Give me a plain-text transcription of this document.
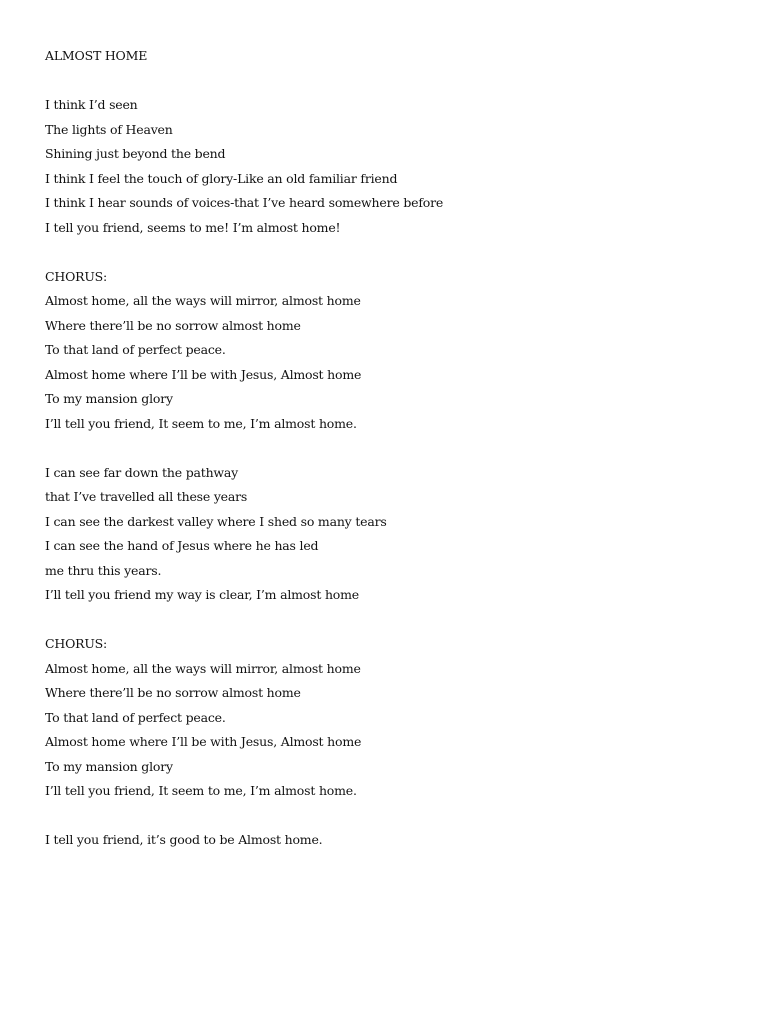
ALMOST HOME
I think I’d seen
The lights of Heaven
Shining just beyond the bend
I think I feel the touch of glory-Like an old familiar friend
I think I hear sounds of voices-that I’ve heard somewhere before
I tell you friend, seems to me! I’m almost home!
CHORUS:
Almost home, all the ways will mirror, almost home
Where there’ll be no sorrow almost home
To that land of perfect peace.
Almost home where I’ll be with Jesus, Almost home
To my mansion glory
I’ll tell you friend, It seem to me, I’m almost home.
I can see far down the pathway
that I’ve travelled all these years
I can see the darkest valley where I shed so many tears
I can see the hand of Jesus where he has led
me thru this years.
I’ll tell you friend my way is clear, I’m almost home
CHORUS:
Almost home, all the ways will mirror, almost home
Where there’ll be no sorrow almost home
To that land of perfect peace.
Almost home where I’ll be with Jesus, Almost home
To my mansion glory
I’ll tell you friend, It seem to me, I’m almost home.
I tell you friend, it’s good to be Almost home.
